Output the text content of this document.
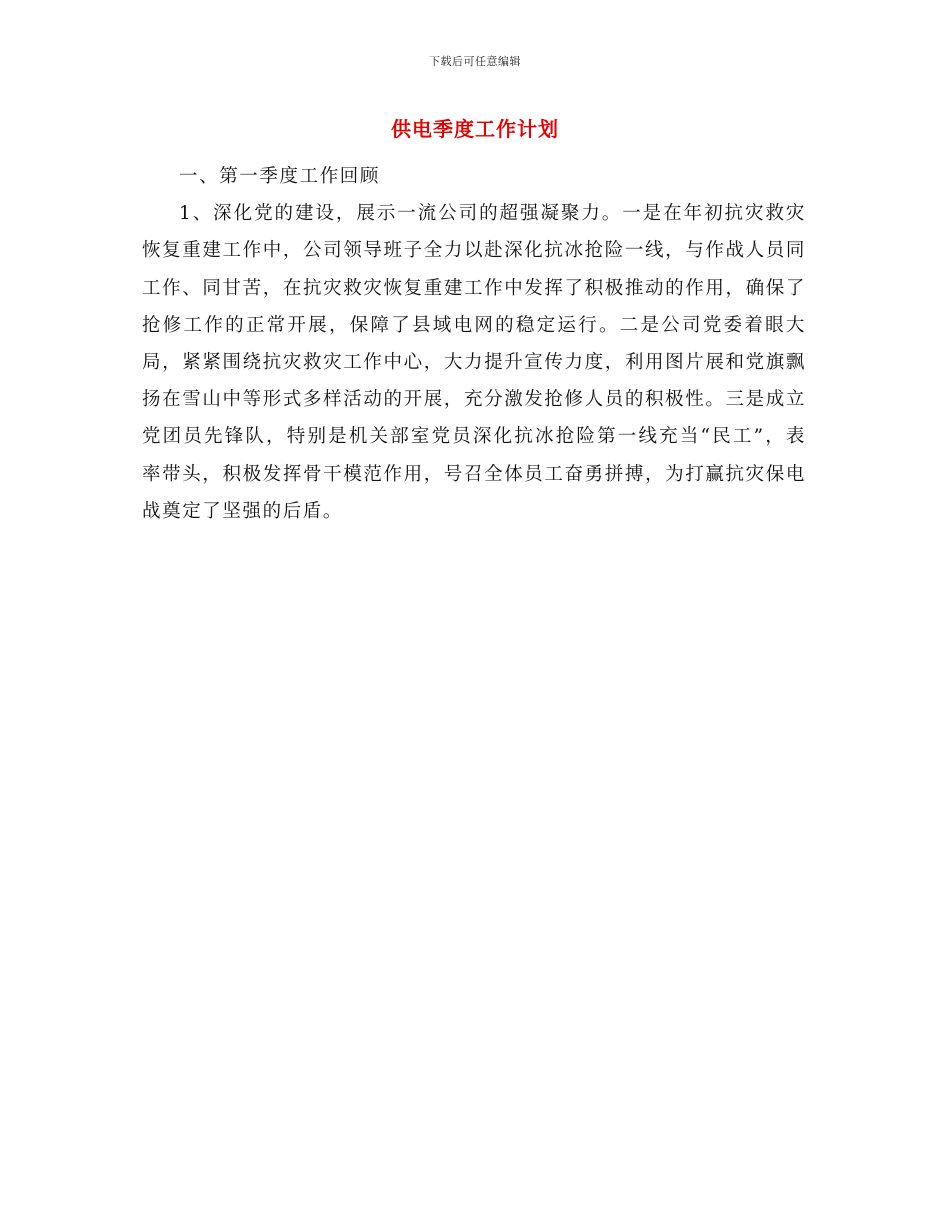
下载后可任意编辑
供电季度工作计划

一、第一季度工作回顾

1、深化党的建设，展示一流公司的超强凝聚力。一是在年初抗灾救灾恢复重建工作中，公司领导班子全力以赴深化抗冰抢险一线，与作战人员同工作、同甘苦，在抗灾救灾恢复重建工作中发挥了积极推动的作用，确保了抢修工作的正常开展，保障了县域电网的稳定运行。二是公司党委着眼大局，紧紧围绕抗灾救灾工作中心，大力提升宣传力度，利用图片展和党旗飘扬在雪山中等形式多样活动的开展，充分激发抢修人员的积极性。三是成立党团员先锋队，特别是机关部室党员深化抗冰抢险第一线充当“民工”，表率带头，积极发挥骨干模范作用，号召全体员工奋勇拼搏，为打赢抗灾保电战奠定了坚强的后盾。
